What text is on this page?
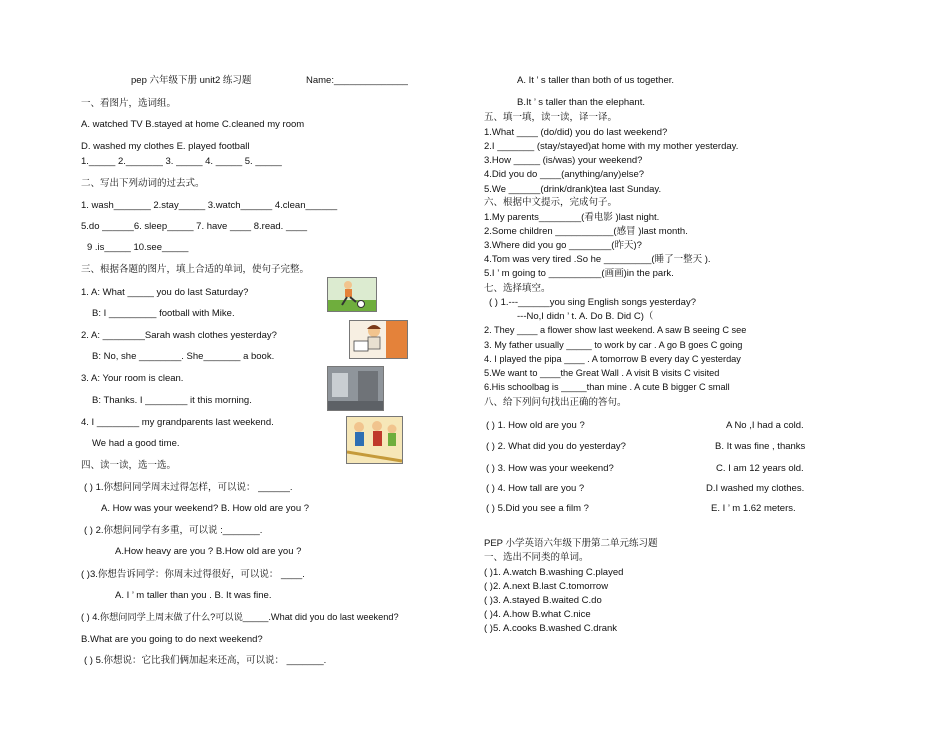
pep 六年级下册 unit2 练习题	Name:______________
一、看图片，选词组。
A. watched TV B.stayed at home C.cleaned my room
D. washed my clothes E. played football
1._____ 2._______ 3. _____ 4. _____ 5. _____
二、写出下列动词的过去式。
1. wash_______ 2.stay_____ 3.watch______ 4.clean______
5.do ______6. sleep_____ 7. have ____ 8.read. ____
9 .is_____ 10.see_____
三、根据各题的图片，填上合适的单词，使句子完整。
1. A: What _____ you do last Saturday?
B: I _________ football with Mike.
2. A: ________Sarah wash clothes yesterday?
B: No, she ________. She_______ a book.
3. A: Your room is clean.
B: Thanks. I ________ it this morning.
4. I ________ my grandparents last weekend.
We had a good time.
四、读一读，选一选。
( ) 1.你想问同学周末过得怎样，可以说： ______.
A. How was your weekend? B. How old are you ?
( ) 2.你想问同学有多重，可以说 :_______.
A.How heavy are you ? B.How old are you ?
( )3.你想告诉同学：你周末过得很好，可以说： ____.
A. I ’ m taller than you . B. It was fine.
( ) 4.你想问同学上周末做了什么?可以说_____.What did you do last weekend?
B.What are you going to do next weekend?
( ) 5.你想说：它比我们俩加起来还高，可以说： _______.
A. It ’ s taller than both of us together.
B.It ’ s taller than the elephant.
五、填一填，读一读，译一译。
1.What ____ (do/did) you do last weekend?
2.I _______ (stay/stayed)at home with my mother yesterday.
3.How _____ (is/was) your weekend?
4.Did you do ____(anything/any)else?
5.We ______(drink/drank)tea last Sunday.
六、根据中文提示，完成句子。
1.My parents________(看电影 )last night.
2.Some children ___________(感冒 )last month.
3.Where did you go ________(昨天)?
4.Tom was very tired .So he _________(睡了一整天 ).
5.I ’ m going to __________(画画)in the park.
七、选择填空。
( ) 1.---______you sing English songs yesterday?
---No,I didn ’ t. A. Do B. Did C)（
2. They ____ a flower show last weekend. A saw B seeing C see
3. My father usually _____ to work by car . A go B goes C going
4. I played the pipa ____ . A tomorrow B every day C yesterday
5.We want to ____the Great Wall . A visit B visits C visited
6.His schoolbag is _____than mine . A cute B bigger C small
八、给下列问句找出正确的答句。
( ) 1. How old are you ?	A No ,I had a cold.
( ) 2. What did you do yesterday?	B. It was fine , thanks
( ) 3. How was your weekend?	C. I am 12 years old.
( ) 4. How tall are you ?	D.I washed my clothes.
( ) 5.Did you see a film ?	E. I ’ m 1.62 meters.
PEP 小学英语六年级下册第二单元练习题
一、选出不同类的单词。
( )1. A.watch B.washing C.played
( )2. A.next B.last C.tomorrow
( )3. A.stayed B.waited C.do
( )4. A.how B.what C.nice
( )5. A.cooks B.washed C.drank
